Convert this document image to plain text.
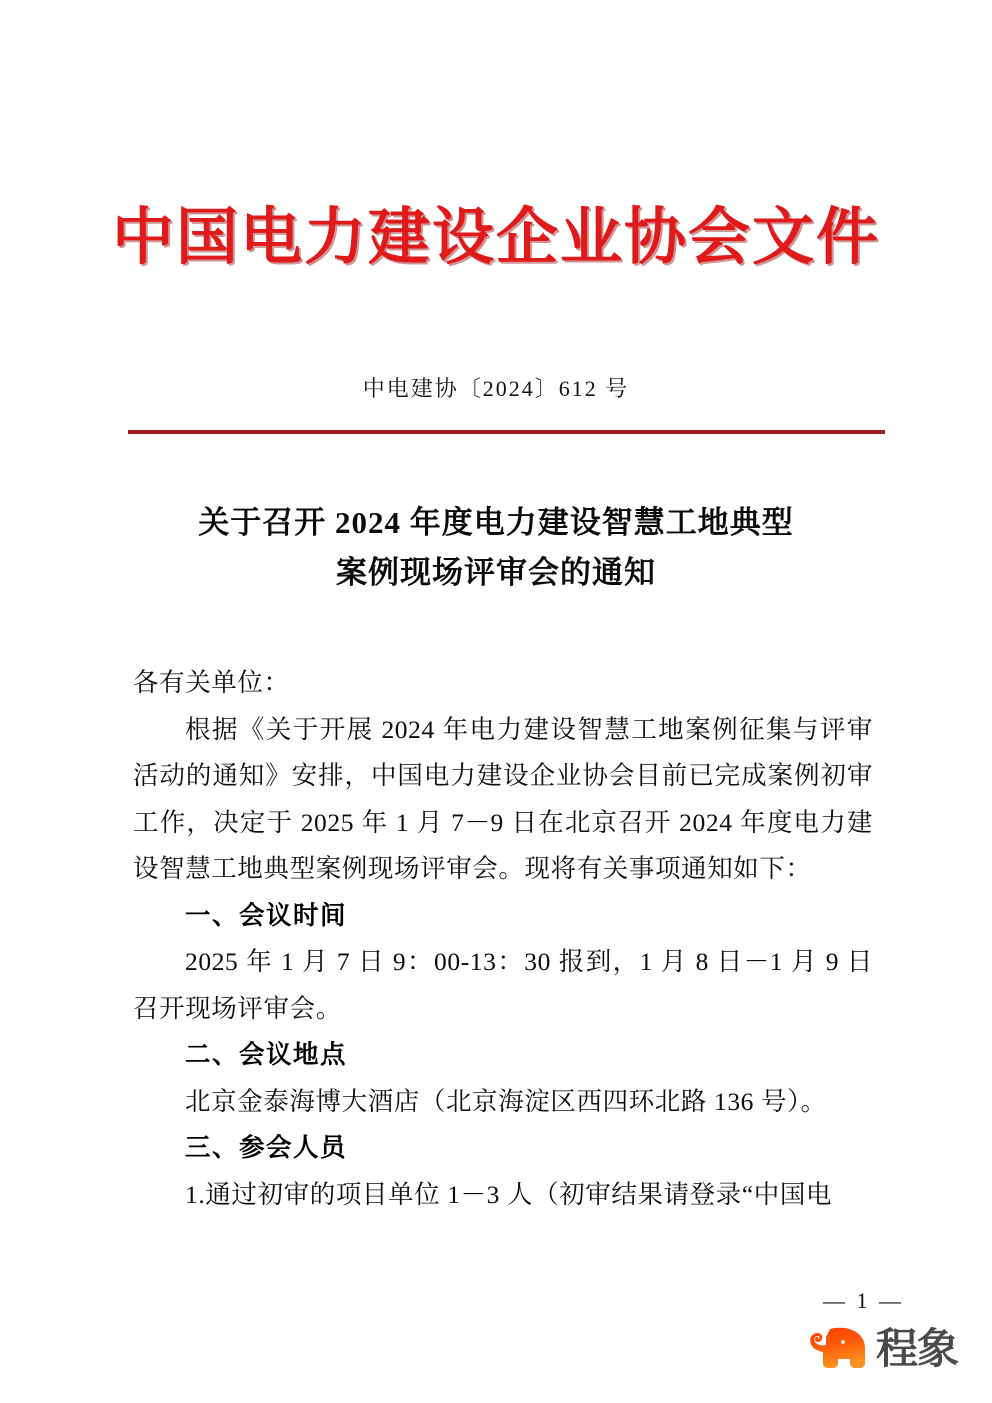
中国电力建设企业协会文件
中电建协〔2024〕612 号
关于召开 2024 年度电力建设智慧工地典型
案例现场评审会的通知

各有关单位：

根据《关于开展 2024 年电力建设智慧工地案例征集与评审活动的通知》安排，中国电力建设企业协会目前已完成案例初审工作，决定于 2025 年 1 月 7－9 日在北京召开 2024 年度电力建设智慧工地典型案例现场评审会。现将有关事项通知如下：

一、会议时间

2025 年 1 月 7 日 9：00-13：30 报到，1 月 8 日－1 月 9 日召开现场评审会。

二、会议地点

北京金泰海博大酒店（北京海淀区西四环北路 136 号）。

三、参会人员

1.通过初审的项目单位 1－3 人（初审结果请登录“中国电

— 1 —
程象
